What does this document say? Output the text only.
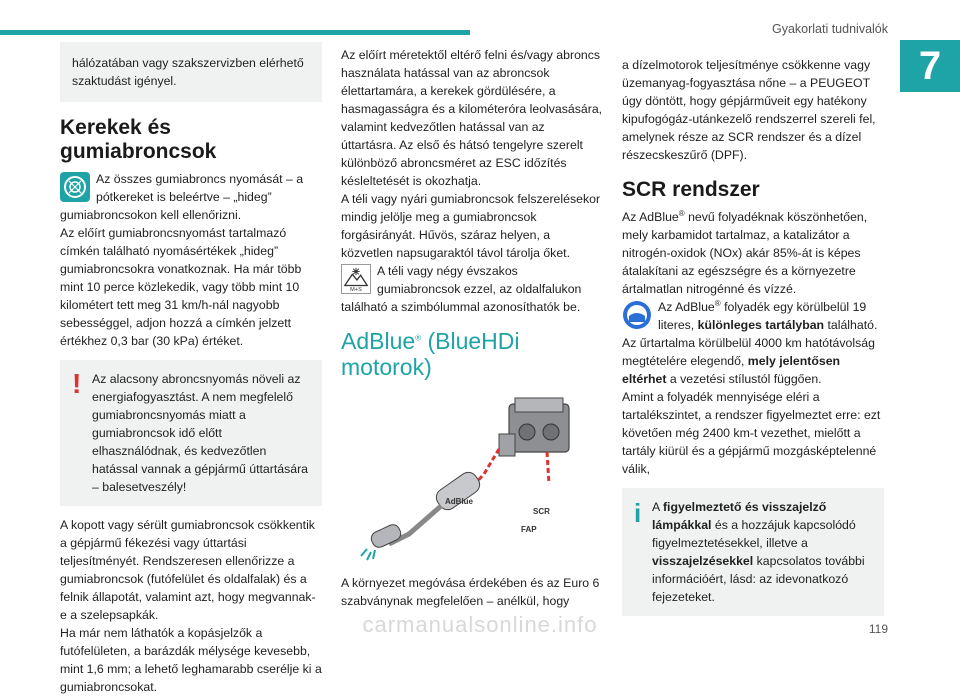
Gyakorlati tudnivalók
7

hálózatában vagy szakszervizben elérhető szaktudást igényel.

Kerekek és gumiabroncsok

Az összes gumiabroncs nyomását – a pótkereket is beleértve – „hideg” gumiabroncsokon kell ellenőrizni.

Az előírt gumiabroncsnyomást tartalmazó címkén található nyomásértékek „hideg” gumiabroncsokra vonatkoznak. Ha már több mint 10 perce közlekedik, vagy több mint 10 kilométert tett meg 31 km/h-nál nagyobb sebességgel, adjon hozzá a címkén jelzett értékhez 0,3 bar (30 kPa) értéket.

! Az alacsony abroncsnyomás növeli az energiafogyasztást. A nem megfelelő gumiabroncsnyomás miatt a gumiabroncsok idő előtt elhasználódnak, és kedvezőtlen hatással vannak a gépjármű úttartására – balesetveszély!

A kopott vagy sérült gumiabroncsok csökkentik a gépjármű fékezési vagy úttartási teljesítményét. Rendszeresen ellenőrizze a gumiabroncsok (futófelület és oldalfalak) és a felnik állapotát, valamint azt, hogy megvannak-e a szelepsapkák.

Ha már nem láthatók a kopásjelzők a futófelületen, a barázdák mélysége kevesebb, mint 1,6 mm; a lehető leghamarabb cserélje ki a gumiabroncsokat.

Az előírt méretektől eltérő felni és/vagy abroncs használata hatással van az abroncsok élettartamára, a kerekek gördülésére, a hasmagasságra és a kilométeróra leolvasására, valamint kedvezőtlen hatással van az úttartásra. Az első és hátsó tengelyre szerelt különböző abroncsméret az ESC időzítés késleltetését is okozhatja.

A téli vagy nyári gumiabroncsok felszerelésekor mindig jelölje meg a gumiabroncsok forgásirányát. Hűvös, száraz helyen, a közvetlen napsugaraktól távol tárolja őket.

M+S

A téli vagy négy évszakos gumiabroncsok ezzel, az oldalfalukon található a szimbólummal azonosíthatók be.

AdBlue® (BlueHDi motorok)
AdBlue
SCR
FAP

A környezet megóvása érdekében és az Euro 6 szabványnak megfelelően – anélkül, hogy

a dízelmotorok teljesítménye csökkenne vagy üzemanyag-fogyasztása nőne – a PEUGEOT úgy döntött, hogy gépjárműveit egy hatékony kipufogógáz-utánkezelő rendszerrel szereli fel, amelynek része az SCR rendszer és a dízel részecskeszűrő (DPF).

SCR rendszer

Az AdBlue® nevű folyadéknak köszönhetően, mely karbamidot tartalmaz, a katalizátor a nitrogén-oxidok (NOx) akár 85%-át is képes átalakítani az egészségre és a környezetre ártalmatlan nitrogénné és vízzé.

Az AdBlue® folyadék egy körülbelül 19 literes, különleges tartályban található. Az űrtartalma körülbelül 4000 km hatótávolság megtételére elegendő, mely jelentősen eltérhet a vezetési stílustól függően.

Amint a folyadék mennyisége eléri a tartalékszintet, a rendszer figyelmeztet erre: ezt követően még 2400 km-t vezethet, mielőtt a tartály kiürül és a gépjármű mozgásképtelenné válik,

i A figyelmeztető és visszajelző lámpákkal és a hozzájuk kapcsolódó figyelmeztetésekkel, illetve a visszajelzésekkel kapcsolatos további információért, lásd: az idevonatkozó fejezeteket.

carmanualsonline.info	119
